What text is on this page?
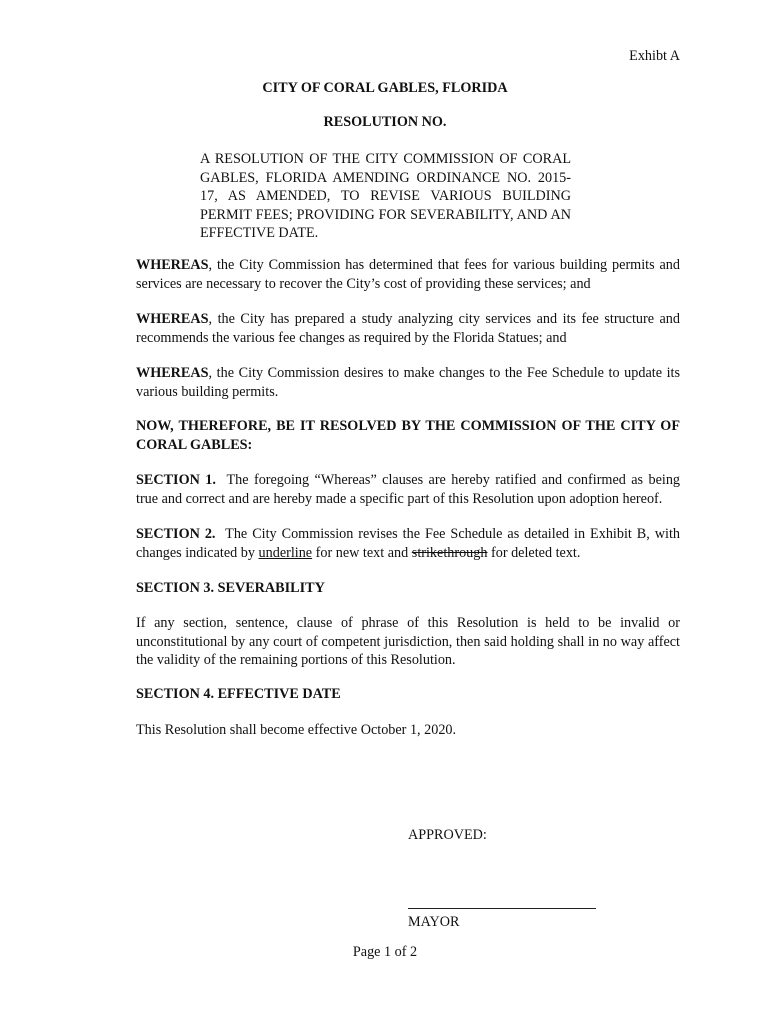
Exhibt A
CITY OF CORAL GABLES, FLORIDA
RESOLUTION NO.
A RESOLUTION OF THE CITY COMMISSION OF CORAL GABLES, FLORIDA AMENDING ORDINANCE NO. 2015-17, AS AMENDED, TO REVISE VARIOUS BUILDING PERMIT FEES; PROVIDING FOR SEVERABILITY, AND AN EFFECTIVE DATE.

WHEREAS, the City Commission has determined that fees for various building permits and services are necessary to recover the City’s cost of providing these services; and

WHEREAS, the City has prepared a study analyzing city services and its fee structure and recommends the various fee changes as required by the Florida Statues; and

WHEREAS, the City Commission desires to make changes to the Fee Schedule to update its various building permits.

NOW, THEREFORE, BE IT RESOLVED BY THE COMMISSION OF THE CITY OF CORAL GABLES:

SECTION 1. The foregoing “Whereas” clauses are hereby ratified and confirmed as being true and correct and are hereby made a specific part of this Resolution upon adoption hereof.

SECTION 2. The City Commission revises the Fee Schedule as detailed in Exhibit B, with changes indicated by underline for new text and strikethrough for deleted text.

SECTION 3. SEVERABILITY

If any section, sentence, clause of phrase of this Resolution is held to be invalid or unconstitutional by any court of competent jurisdiction, then said holding shall in no way affect the validity of the remaining portions of this Resolution.

SECTION 4. EFFECTIVE DATE

This Resolution shall become effective October 1, 2020.

APPROVED:
MAYOR
Page 1 of 2
